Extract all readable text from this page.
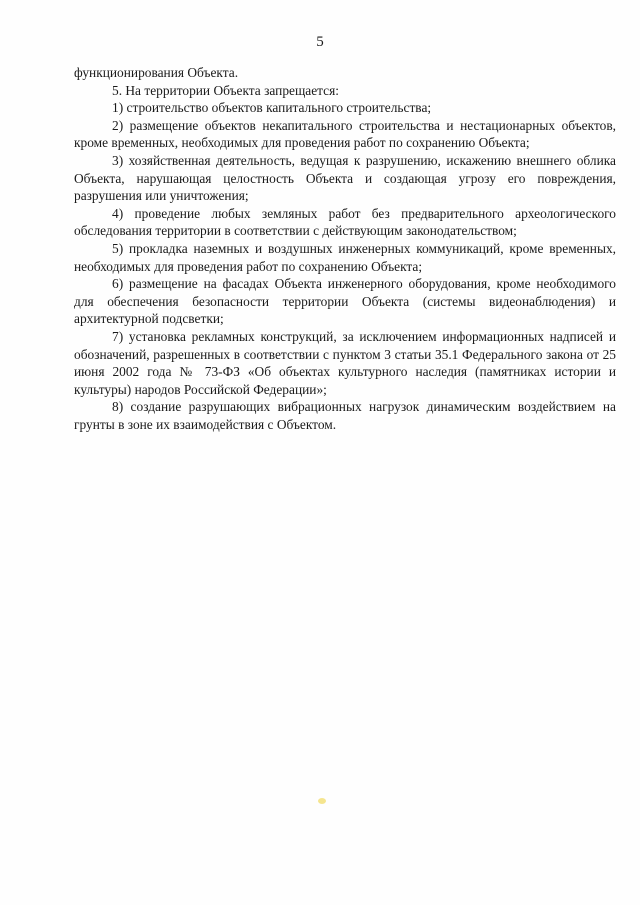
5

функционирования Объекта.

5. На территории Объекта запрещается:

1) строительство объектов капитального строительства;

2) размещение объектов некапитального строительства и нестационарных объектов, кроме временных, необходимых для проведения работ по сохранению Объекта;

3) хозяйственная деятельность, ведущая к разрушению, искажению внешнего облика Объекта, нарушающая целостность Объекта и создающая угрозу его повреждения, разрушения или уничтожения;

4) проведение любых земляных работ без предварительного археологического обследования территории в соответствии с действующим законодательством;

5) прокладка наземных и воздушных инженерных коммуникаций, кроме временных, необходимых для проведения работ по сохранению Объекта;

6) размещение на фасадах Объекта инженерного оборудования, кроме необходимого для обеспечения безопасности территории Объекта (системы видеонаблюдения) и архитектурной подсветки;

7) установка рекламных конструкций, за исключением информационных надписей и обозначений, разрешенных в соответствии с пунктом 3 статьи 35.1 Федерального закона от 25 июня 2002 года № 73-ФЗ «Об объектах культурного наследия (памятниках истории и культуры) народов Российской Федерации»;

8) создание разрушающих вибрационных нагрузок динамическим воздействием на грунты в зоне их взаимодействия с Объектом.
